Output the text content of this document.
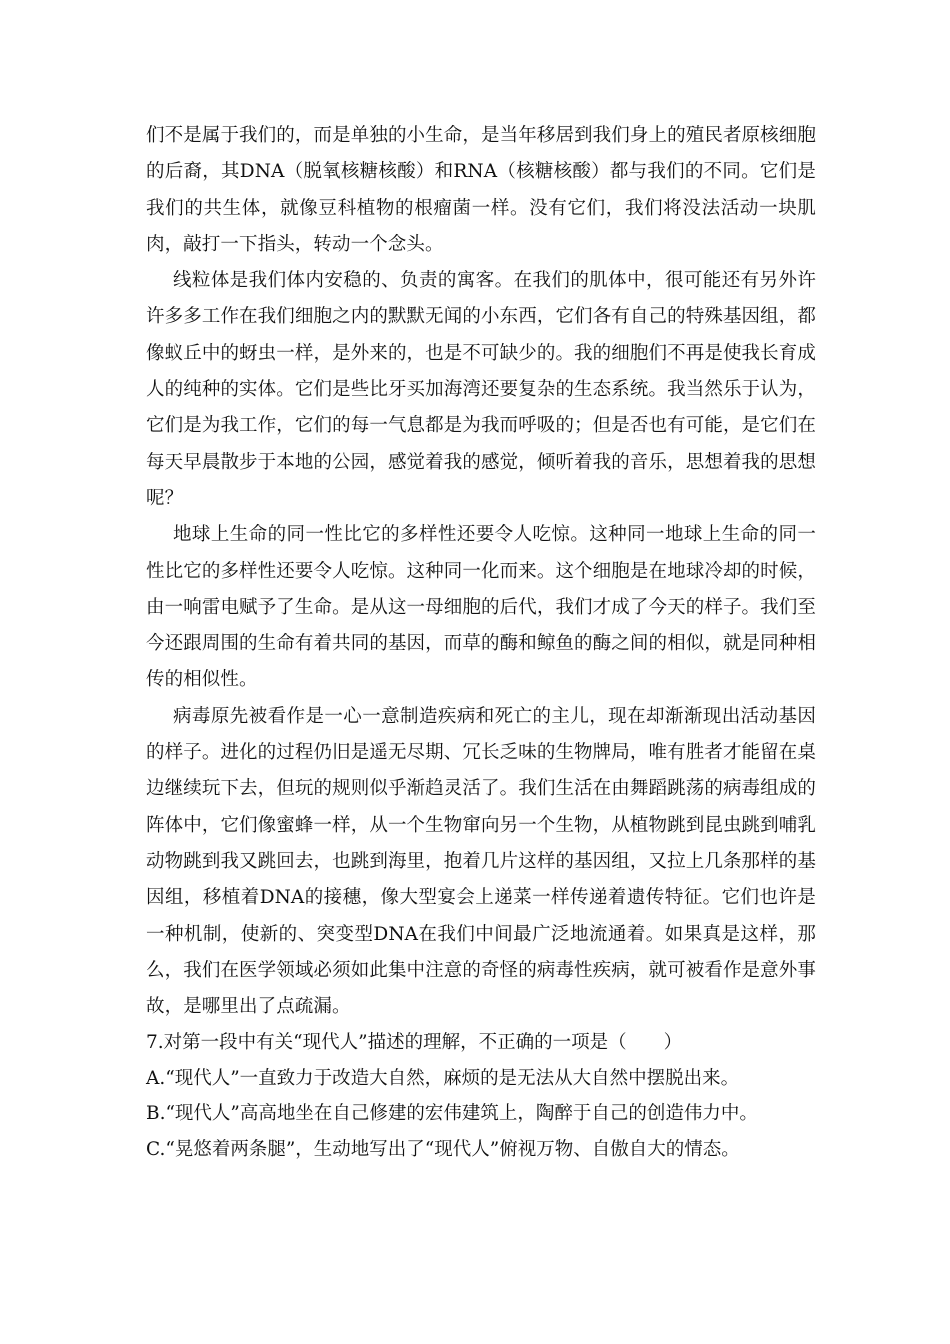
们不是属于我们的，而是单独的小生命，是当年移居到我们身上的殖民者原核细胞的后裔，其DNA（脱氧核糖核酸）和RNA（核糖核酸）都与我们的不同。它们是我们的共生体，就像豆科植物的根瘤菌一样。没有它们，我们将没法活动一块肌肉，敲打一下指头，转动一个念头。

线粒体是我们体内安稳的、负责的寓客。在我们的肌体中，很可能还有另外许许多多工作在我们细胞之内的默默无闻的小东西，它们各有自己的特殊基因组，都像蚁丘中的蚜虫一样，是外来的，也是不可缺少的。我的细胞们不再是使我长育成人的纯种的实体。它们是些比牙买加海湾还要复杂的生态系统。我当然乐于认为，它们是为我工作，它们的每一气息都是为我而呼吸的；但是否也有可能，是它们在每天早晨散步于本地的公园，感觉着我的感觉，倾听着我的音乐，思想着我的思想呢？

地球上生命的同一性比它的多样性还要令人吃惊。这种同一地球上生命的同一性比它的多样性还要令人吃惊。这种同一化而来。这个细胞是在地球冷却的时候，由一响雷电赋予了生命。是从这一母细胞的后代，我们才成了今天的样子。我们至今还跟周围的生命有着共同的基因，而草的酶和鲸鱼的酶之间的相似，就是同种相传的相似性。

病毒原先被看作是一心一意制造疾病和死亡的主儿，现在却渐渐现出活动基因的样子。进化的过程仍旧是遥无尽期、冗长乏味的生物牌局，唯有胜者才能留在桌边继续玩下去，但玩的规则似乎渐趋灵活了。我们生活在由舞蹈跳荡的病毒组成的阵体中，它们像蜜蜂一样，从一个生物窜向另一个生物，从植物跳到昆虫跳到哺乳动物跳到我又跳回去，也跳到海里，抱着几片这样的基因组，又拉上几条那样的基因组，移植着DNA的接穗，像大型宴会上递菜一样传递着遗传特征。它们也许是一种机制，使新的、突变型DNA在我们中间最广泛地流通着。如果真是这样，那么，我们在医学领域必须如此集中注意的奇怪的病毒性疾病，就可被看作是意外事故，是哪里出了点疏漏。

7.对第一段中有关“现代人”描述的理解，不正确的一项是（　　）

A.“现代人”一直致力于改造大自然，麻烦的是无法从大自然中摆脱出来。

B.“现代人”高高地坐在自己修建的宏伟建筑上，陶醉于自己的创造伟力中。

C.“晃悠着两条腿”，生动地写出了“现代人”俯视万物、自傲自大的情态。
